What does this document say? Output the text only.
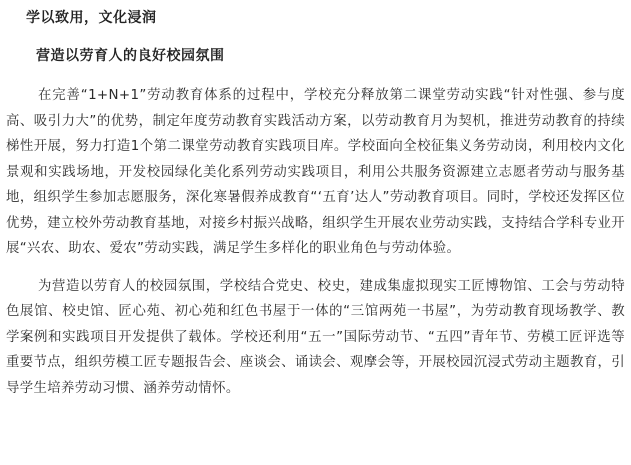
学以致用，文化浸润
营造以劳育人的良好校园氛围

在完善“1+N+1”劳动教育体系的过程中，学校充分释放第二课堂劳动实践“针对性强、参与度高、吸引力大”的优势，制定年度劳动教育实践活动方案，以劳动教育月为契机，推进劳动教育的持续梯性开展，努力打造1个第二课堂劳动教育实践项目库。学校面向全校征集义务劳动岗，利用校内文化景观和实践场地，开发校园绿化美化系列劳动实践项目，利用公共服务资源建立志愿者劳动与服务基地，组织学生参加志愿服务，深化寒暑假养成教育“‘五育’达人”劳动教育项目。同时，学校还发挥区位优势，建立校外劳动教育基地，对接乡村振兴战略，组织学生开展农业劳动实践，支持结合学科专业开展“兴农、助农、爱农”劳动实践，满足学生多样化的职业角色与劳动体验。

为营造以劳育人的校园氛围，学校结合党史、校史，建成集虚拟现实工匠博物馆、工会与劳动特色展馆、校史馆、匠心苑、初心苑和红色书屋于一体的“三馆两苑一书屋”，为劳动教育现场教学、教学案例和实践项目开发提供了载体。学校还利用“五一”国际劳动节、“五四”青年节、劳模工匠评选等重要节点，组织劳模工匠专题报告会、座谈会、诵读会、观摩会等，开展校园沉浸式劳动主题教育，引导学生培养劳动习惯、涵养劳动情怀。
